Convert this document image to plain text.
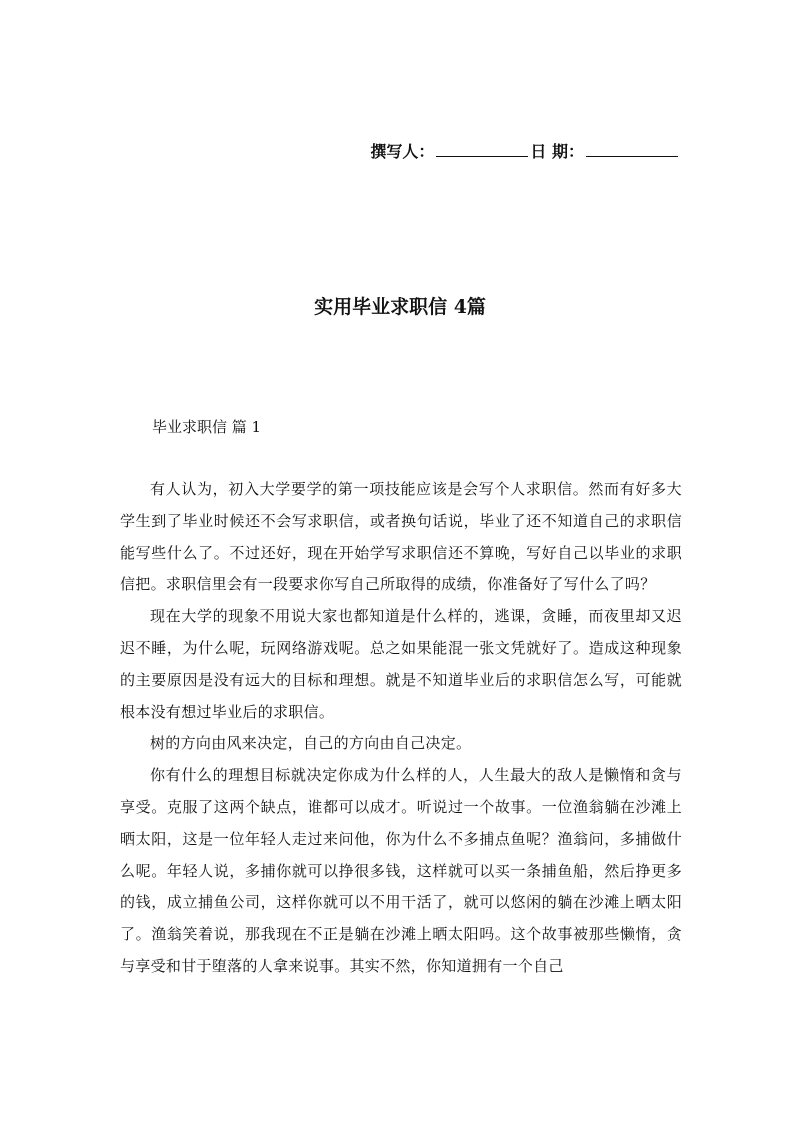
撰写人：	日 期：
实用毕业求职信 4篇
毕业求职信 篇 1

有人认为，初入大学要学的第一项技能应该是会写个人求职信。然而有好多大学生到了毕业时候还不会写求职信，或者换句话说，毕业了还不知道自己的求职信能写些什么了。不过还好，现在开始学写求职信还不算晚，写好自己以毕业的求职信把。求职信里会有一段要求你写自己所取得的成绩，你准备好了写什么了吗？

现在大学的现象不用说大家也都知道是什么样的，逃课，贪睡，而夜里却又迟迟不睡，为什么呢，玩网络游戏呢。总之如果能混一张文凭就好了。造成这种现象的主要原因是没有远大的目标和理想。就是不知道毕业后的求职信怎么写，可能就根本没有想过毕业后的求职信。

树的方向由风来决定，自己的方向由自己决定。

你有什么的理想目标就决定你成为什么样的人，人生最大的敌人是懒惰和贪与享受。克服了这两个缺点，谁都可以成才。听说过一个故事。一位渔翁躺在沙滩上晒太阳，这是一位年轻人走过来问他，你为什么不多捕点鱼呢？渔翁问，多捕做什么呢。年轻人说，多捕你就可以挣很多钱，这样就可以买一条捕鱼船，然后挣更多的钱，成立捕鱼公司，这样你就可以不用干活了，就可以悠闲的躺在沙滩上晒太阳了。渔翁笑着说，那我现在不正是躺在沙滩上晒太阳吗。这个故事被那些懒惰，贪与享受和甘于堕落的人拿来说事。其实不然，你知道拥有一个自己
